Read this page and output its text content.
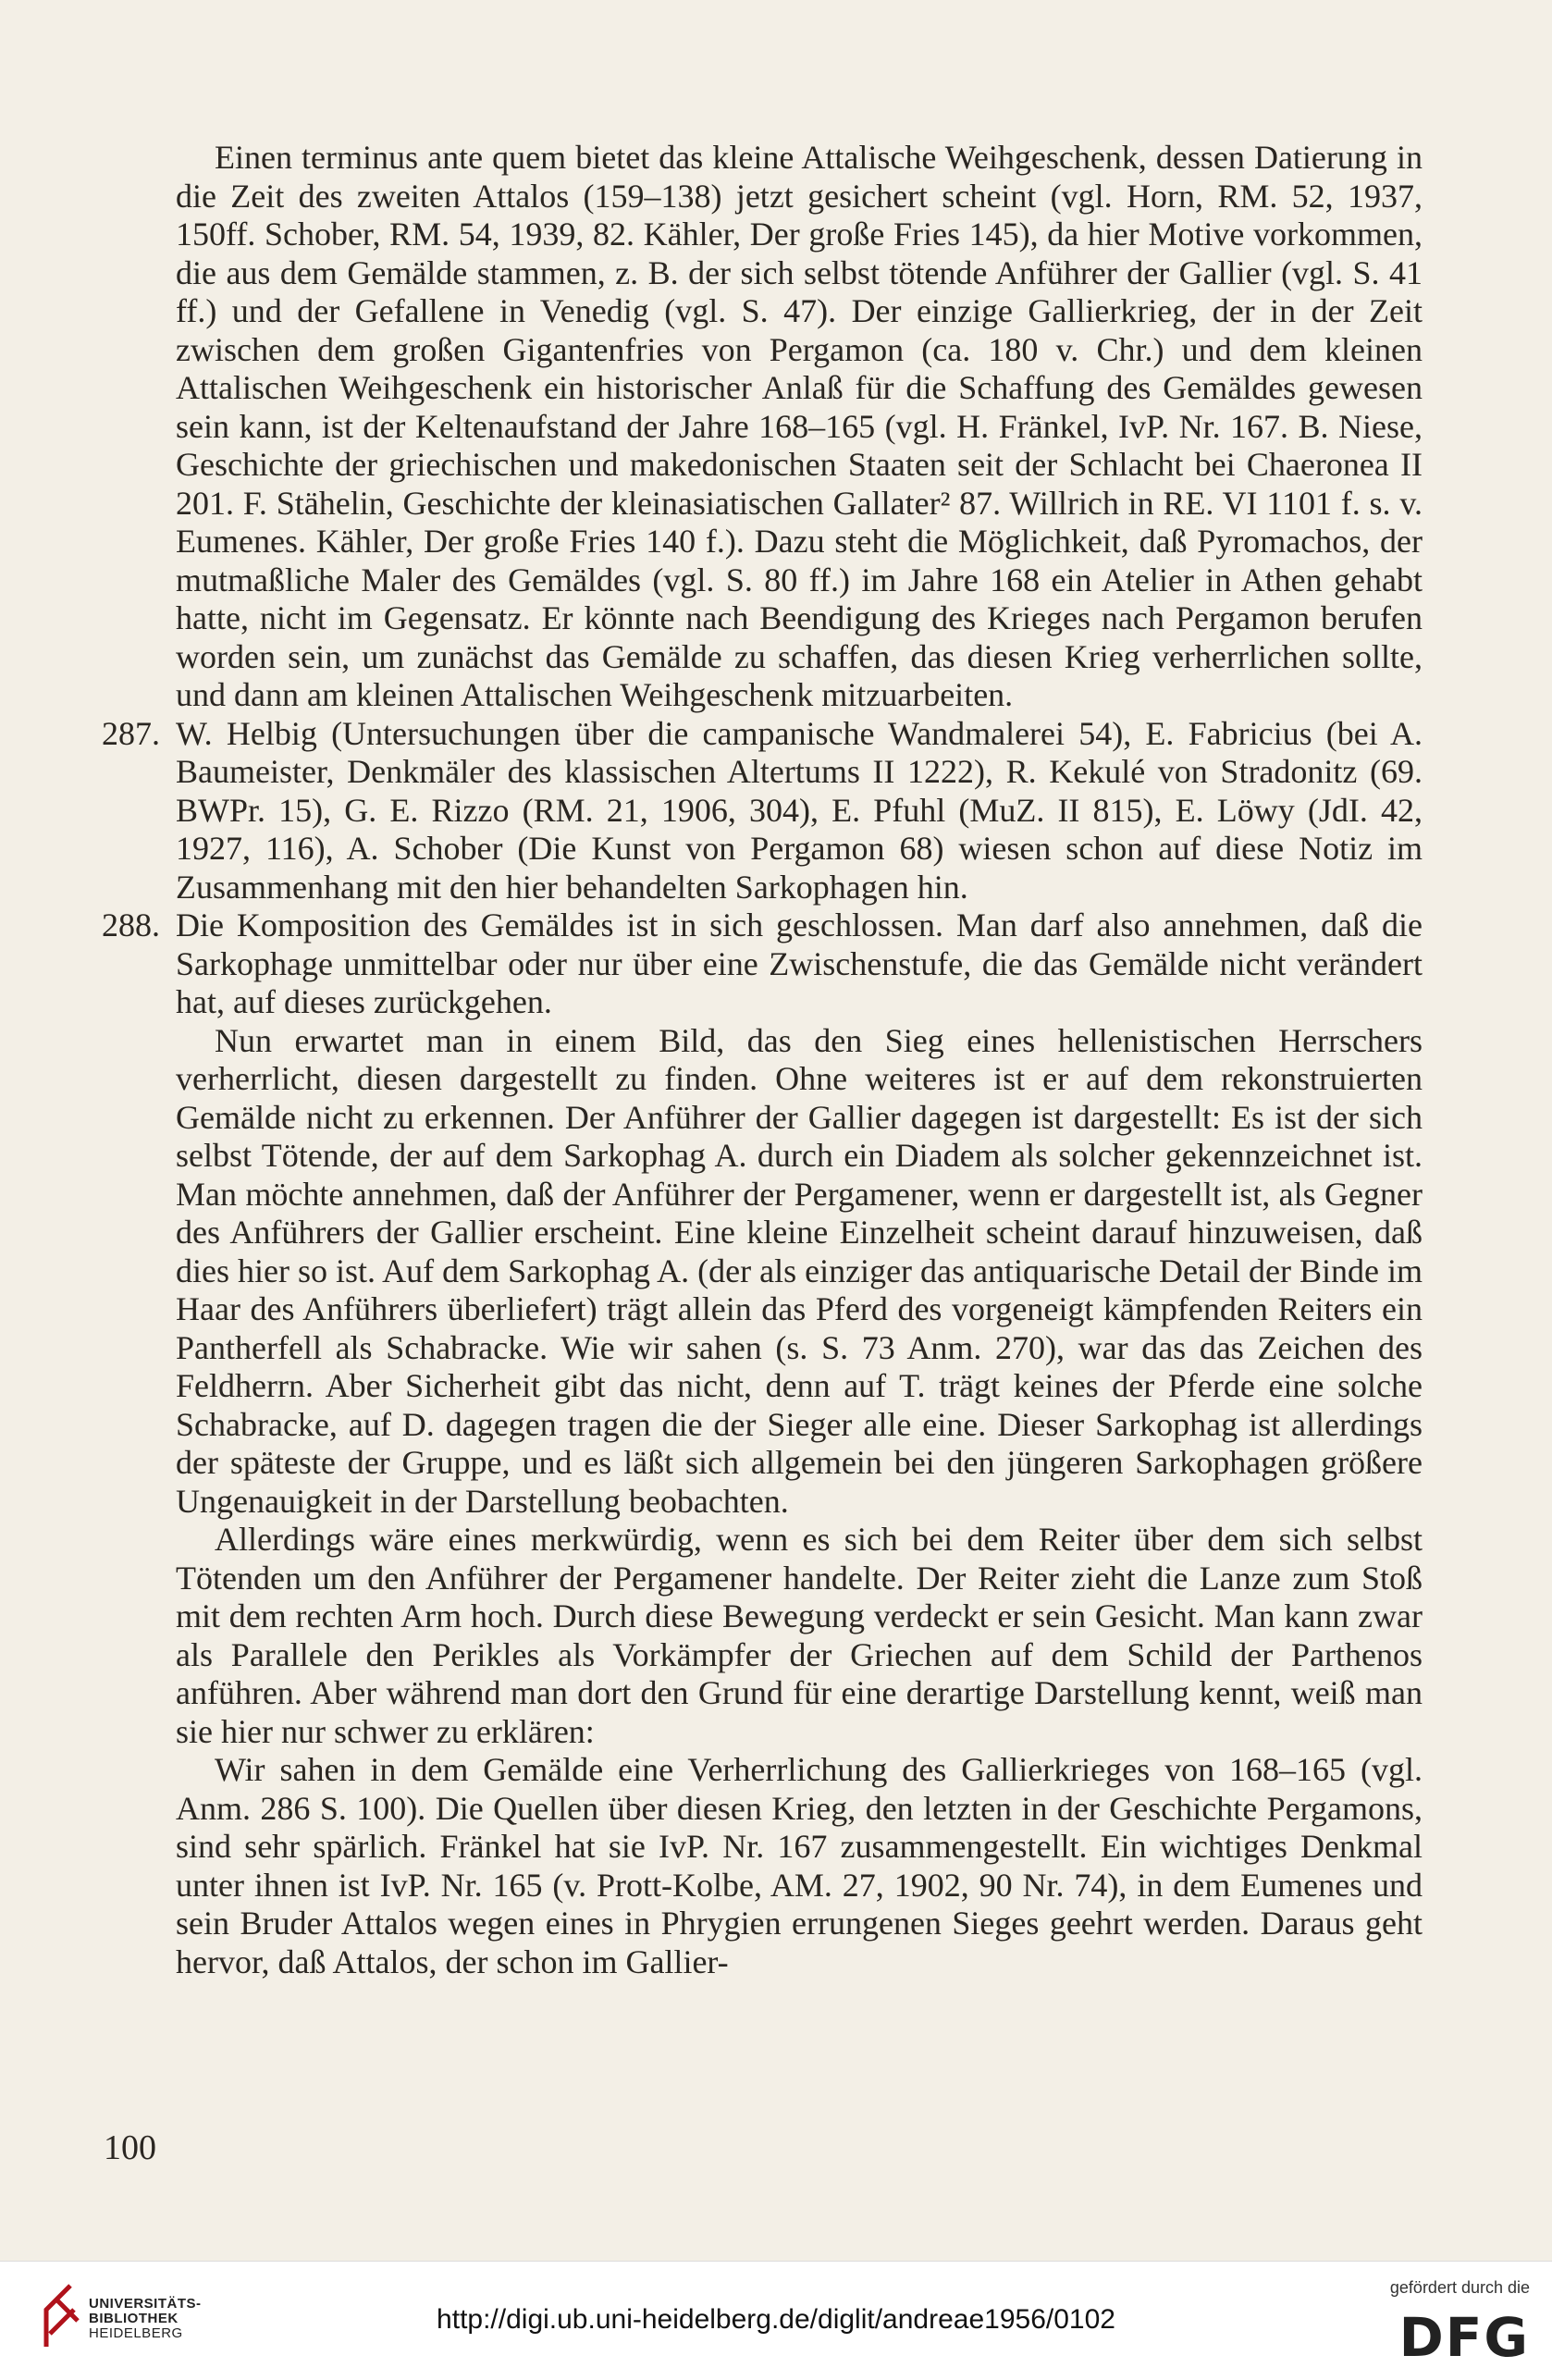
Einen terminus ante quem bietet das kleine Attalische Weihgeschenk, dessen Datierung in die Zeit des zweiten Attalos (159–138) jetzt gesichert scheint (vgl. Horn, RM. 52, 1937, 150ff. Schober, RM. 54, 1939, 82. Kähler, Der große Fries 145), da hier Motive vorkommen, die aus dem Gemälde stammen, z. B. der sich selbst tötende Anführer der Gallier (vgl. S. 41 ff.) und der Gefallene in Venedig (vgl. S. 47). Der einzige Gallierkrieg, der in der Zeit zwischen dem großen Gigantenfries von Pergamon (ca. 180 v. Chr.) und dem kleinen Attalischen Weihgeschenk ein historischer Anlaß für die Schaffung des Gemäldes gewesen sein kann, ist der Keltenaufstand der Jahre 168–165 (vgl. H. Fränkel, IvP. Nr. 167. B. Niese, Geschichte der griechischen und makedonischen Staaten seit der Schlacht bei Chaeronea II 201. F. Stähelin, Geschichte der kleinasiatischen Gallater² 87. Willrich in RE. VI 1101 f. s. v. Eumenes. Kähler, Der große Fries 140 f.). Dazu steht die Möglichkeit, daß Pyromachos, der mutmaßliche Maler des Gemäldes (vgl. S. 80 ff.) im Jahre 168 ein Atelier in Athen gehabt hatte, nicht im Gegensatz. Er könnte nach Beendigung des Krieges nach Pergamon berufen worden sein, um zunächst das Gemälde zu schaffen, das diesen Krieg verherrlichen sollte, und dann am kleinen Attalischen Weihgeschenk mitzuarbeiten.

287. W. Helbig (Untersuchungen über die campanische Wandmalerei 54), E. Fabricius (bei A. Baumeister, Denkmäler des klassischen Altertums II 1222), R. Kekulé von Stradonitz (69. BWPr. 15), G. E. Rizzo (RM. 21, 1906, 304), E. Pfuhl (MuZ. II 815), E. Löwy (JdI. 42, 1927, 116), A. Schober (Die Kunst von Pergamon 68) wiesen schon auf diese Notiz im Zusammenhang mit den hier behandelten Sarkophagen hin.
288. Die Komposition des Gemäldes ist in sich geschlossen. Man darf also annehmen, daß die Sarkophage unmittelbar oder nur über eine Zwischenstufe, die das Gemälde nicht verändert hat, auf dieses zurückgehen.

Nun erwartet man in einem Bild, das den Sieg eines hellenistischen Herrschers verherrlicht, diesen dargestellt zu finden. Ohne weiteres ist er auf dem rekonstruierten Gemälde nicht zu erkennen. Der Anführer der Gallier dagegen ist dargestellt: Es ist der sich selbst Tötende, der auf dem Sarkophag A. durch ein Diadem als solcher gekennzeichnet ist. Man möchte annehmen, daß der Anführer der Pergamener, wenn er dargestellt ist, als Gegner des Anführers der Gallier erscheint. Eine kleine Einzelheit scheint darauf hinzuweisen, daß dies hier so ist. Auf dem Sarkophag A. (der als einziger das antiquarische Detail der Binde im Haar des Anführers überliefert) trägt allein das Pferd des vorgeneigt kämpfenden Reiters ein Pantherfell als Schabracke. Wie wir sahen (s. S. 73 Anm. 270), war das das Zeichen des Feldherrn. Aber Sicherheit gibt das nicht, denn auf T. trägt keines der Pferde eine solche Schabracke, auf D. dagegen tragen die der Sieger alle eine. Dieser Sarkophag ist allerdings der späteste der Gruppe, und es läßt sich allgemein bei den jüngeren Sarkophagen größere Ungenauigkeit in der Darstellung beobachten.

Allerdings wäre eines merkwürdig, wenn es sich bei dem Reiter über dem sich selbst Tötenden um den Anführer der Pergamener handelte. Der Reiter zieht die Lanze zum Stoß mit dem rechten Arm hoch. Durch diese Bewegung verdeckt er sein Gesicht. Man kann zwar als Parallele den Perikles als Vorkämpfer der Griechen auf dem Schild der Parthenos anführen. Aber während man dort den Grund für eine derartige Darstellung kennt, weiß man sie hier nur schwer zu erklären:

Wir sahen in dem Gemälde eine Verherrlichung des Gallierkrieges von 168–165 (vgl. Anm. 286 S. 100). Die Quellen über diesen Krieg, den letzten in der Geschichte Pergamons, sind sehr spärlich. Fränkel hat sie IvP. Nr. 167 zusammengestellt. Ein wichtiges Denkmal unter ihnen ist IvP. Nr. 165 (v. Prott-Kolbe, AM. 27, 1902, 90 Nr. 74), in dem Eumenes und sein Bruder Attalos wegen eines in Phrygien errungenen Sieges geehrt werden. Daraus geht hervor, daß Attalos, der schon im Gallier-

100
UNIVERSITÄTS-
BIBLIOTHEK
HEIDELBERG	http://digi.ub.uni-heidelberg.de/diglit/andreae1956/0102
gefördert durch die
DFG
